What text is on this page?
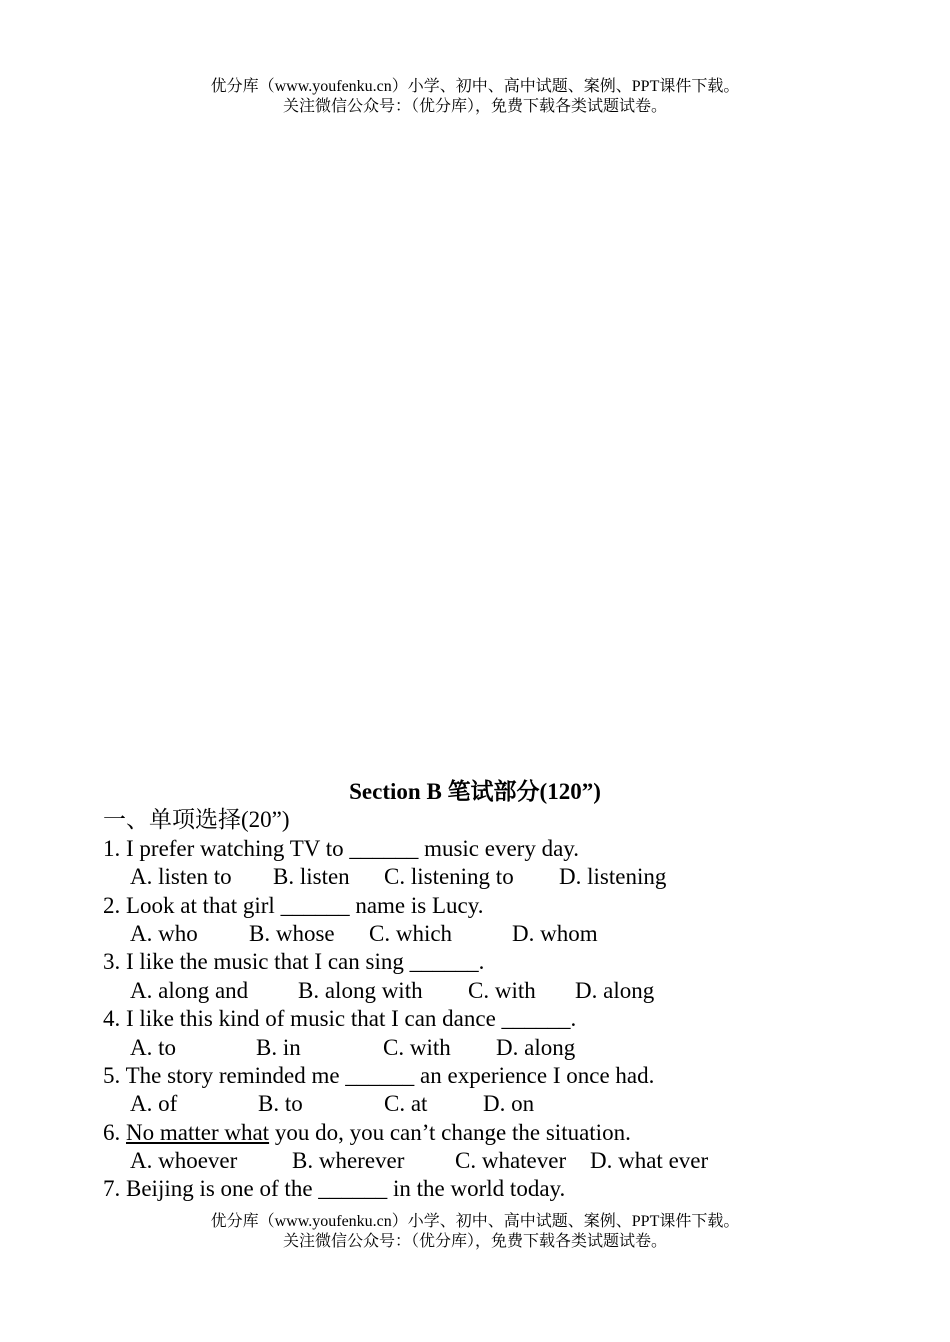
优分库（www.youfenku.cn）小学、初中、高中试题、案例、PPT课件下载。
关注微信公众号：（优分库），免费下载各类试题试卷。
Section B 笔试部分(120”)
一、单项选择(20”)
1. I prefer watching TV to ______ music every day.
A. listen to B. listen C. listening to D. listening
2. Look at that girl ______ name is Lucy.
A. who B. whose C. which	D. whom
3. I like the music that I can sing ______.
A. along and B. along with C. with D. along
4. I like this kind of music that I can dance ______.
A. to	B. in	C. with D. along
5. The story reminded me ______ an experience I once had.
A. of	B. to	C. at D. on
6. No matter what you do, you can’t change the situation.
A. whoever B. wherever C. whatever D. what ever
7. Beijing is one of the ______ in the world today.
优分库（www.youfenku.cn）小学、初中、高中试题、案例、PPT课件下载。
关注微信公众号：（优分库），免费下载各类试题试卷。
